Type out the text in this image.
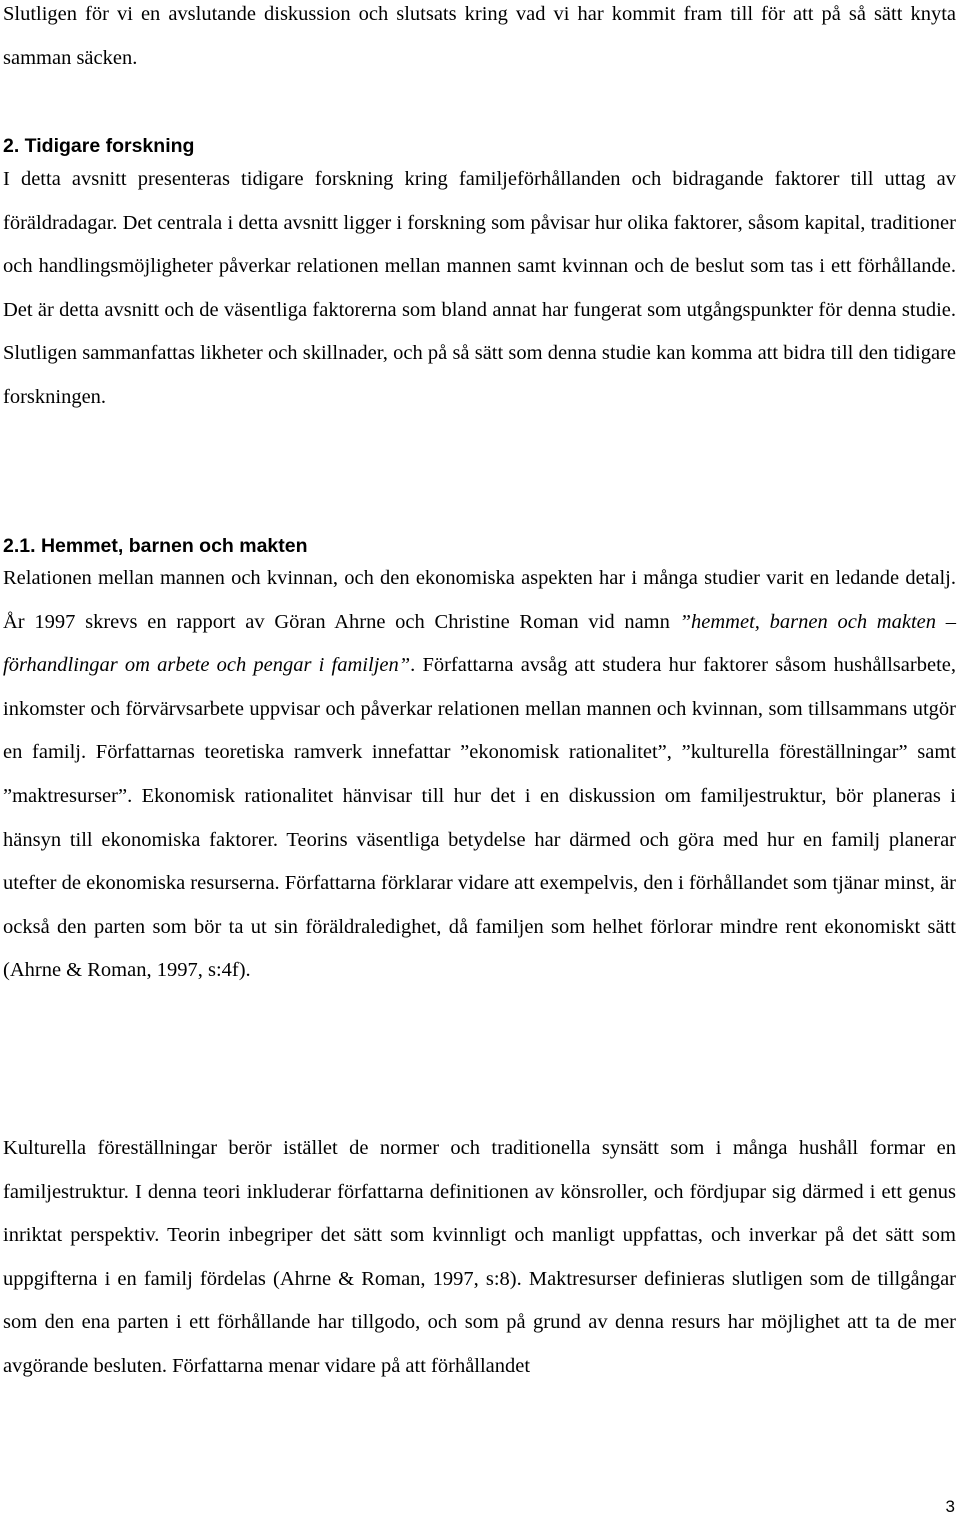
Slutligen för vi en avslutande diskussion och slutsats kring vad vi har kommit fram till för att på så sätt knyta samman säcken.

2. Tidigare forskning

I detta avsnitt presenteras tidigare forskning kring familjeförhållanden och bidragande faktorer till uttag av föräldradagar. Det centrala i detta avsnitt ligger i forskning som påvisar hur olika faktorer, såsom kapital, traditioner och handlingsmöjligheter påverkar relationen mellan mannen samt kvinnan och de beslut som tas i ett förhållande. Det är detta avsnitt och de väsentliga faktorerna som bland annat har fungerat som utgångspunkter för denna studie. Slutligen sammanfattas likheter och skillnader, och på så sätt som denna studie kan komma att bidra till den tidigare forskningen.

2.1. Hemmet, barnen och makten

Relationen mellan mannen och kvinnan, och den ekonomiska aspekten har i många studier varit en ledande detalj. År 1997 skrevs en rapport av Göran Ahrne och Christine Roman vid namn ”hemmet, barnen och makten – förhandlingar om arbete och pengar i familjen”. Författarna avsåg att studera hur faktorer såsom hushållsarbete, inkomster och förvärvsarbete uppvisar och påverkar relationen mellan mannen och kvinnan, som tillsammans utgör en familj. Författarnas teoretiska ramverk innefattar ”ekonomisk rationalitet”, ”kulturella föreställningar” samt ”maktresurser”. Ekonomisk rationalitet hänvisar till hur det i en diskussion om familjestruktur, bör planeras i hänsyn till ekonomiska faktorer. Teorins väsentliga betydelse har därmed och göra med hur en familj planerar utefter de ekonomiska resurserna. Författarna förklarar vidare att exempelvis, den i förhållandet som tjänar minst, är också den parten som bör ta ut sin föräldraledighet, då familjen som helhet förlorar mindre rent ekonomiskt sätt (Ahrne & Roman, 1997, s:4f).

Kulturella föreställningar berör istället de normer och traditionella synsätt som i många hushåll formar en familjestruktur. I denna teori inkluderar författarna definitionen av könsroller, och fördjupar sig därmed i ett genus inriktat perspektiv. Teorin inbegriper det sätt som kvinnligt och manligt uppfattas, och inverkar på det sätt som uppgifterna i en familj fördelas (Ahrne & Roman, 1997, s:8). Maktresurser definieras slutligen som de tillgångar som den ena parten i ett förhållande har tillgodo, och som på grund av denna resurs har möjlighet att ta de mer avgörande besluten. Författarna menar vidare på att förhållandet

3
